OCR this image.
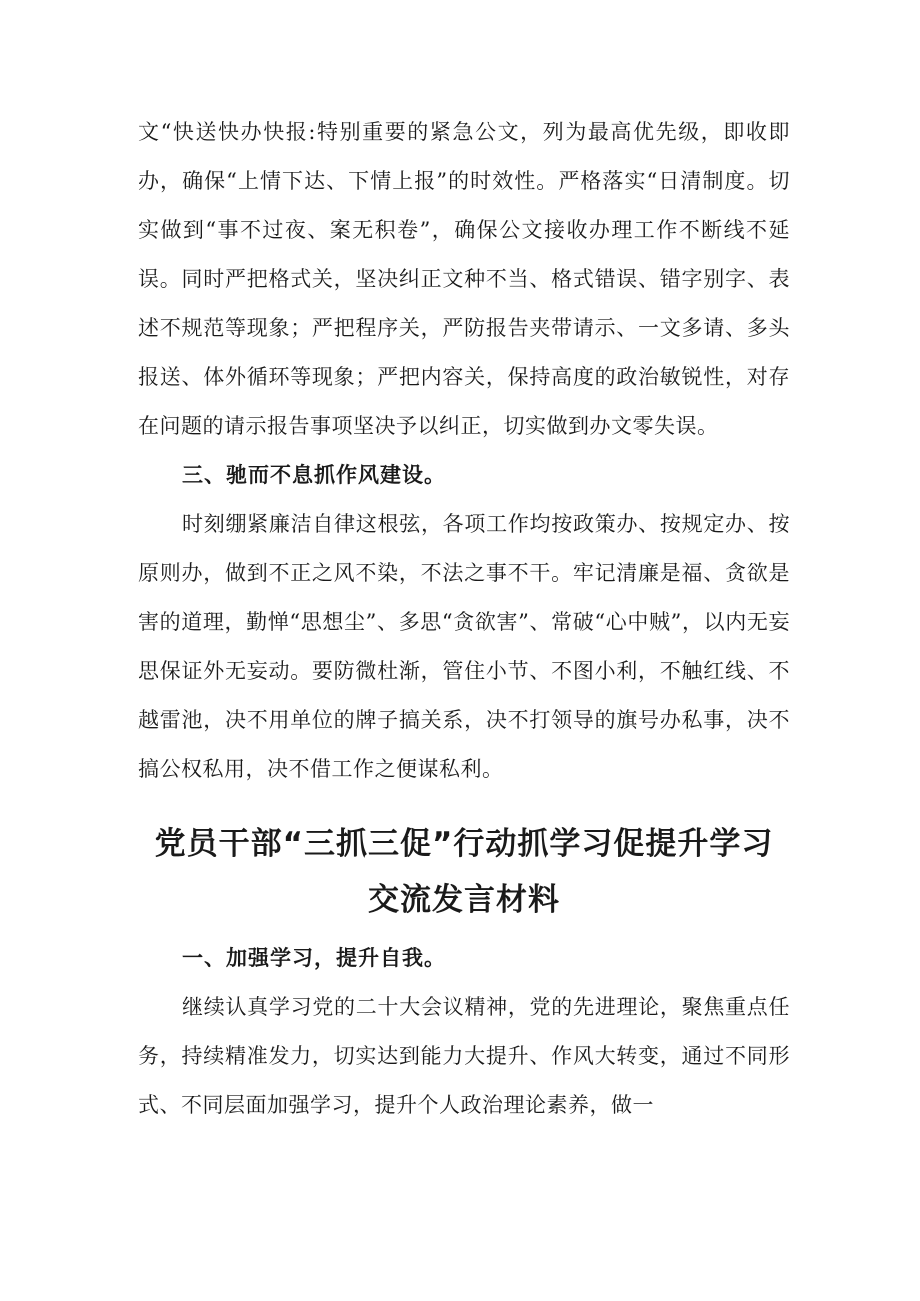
文“快送快办快报:特别重要的紧急公文，列为最高优先级，即收即办，确保“上情下达、下情上报”的时效性。严格落实“日清制度。切实做到“事不过夜、案无积卷”，确保公文接收办理工作不断线不延误。同时严把格式关，坚决纠正文种不当、格式错误、错字别字、表述不规范等现象；严把程序关，严防报告夹带请示、一文多请、多头报送、体外循环等现象；严把内容关，保持高度的政治敏锐性，对存在问题的请示报告事项坚决予以纠正，切实做到办文零失误。

三、驰而不息抓作风建设。

时刻绷紧廉洁自律这根弦，各项工作均按政策办、按规定办、按原则办，做到不正之风不染，不法之事不干。牢记清廉是福、贪欲是害的道理，勤惮“思想尘”、多思“贪欲害”、常破“心中贼”，以内无妄思保证外无妄动。要防微杜渐，管住小节、不图小利，不触红线、不越雷池，决不用单位的牌子搞关系，决不打领导的旗号办私事，决不搞公权私用，决不借工作之便谋私利。

党员干部“三抓三促”行动抓学习促提升学习
交流发言材料

一、加强学习，提升自我。

继续认真学习党的二十大会议精神，党的先进理论，聚焦重点任务，持续精准发力，切实达到能力大提升、作风大转变，通过不同形式、不同层面加强学习，提升个人政治理论素养，做一
